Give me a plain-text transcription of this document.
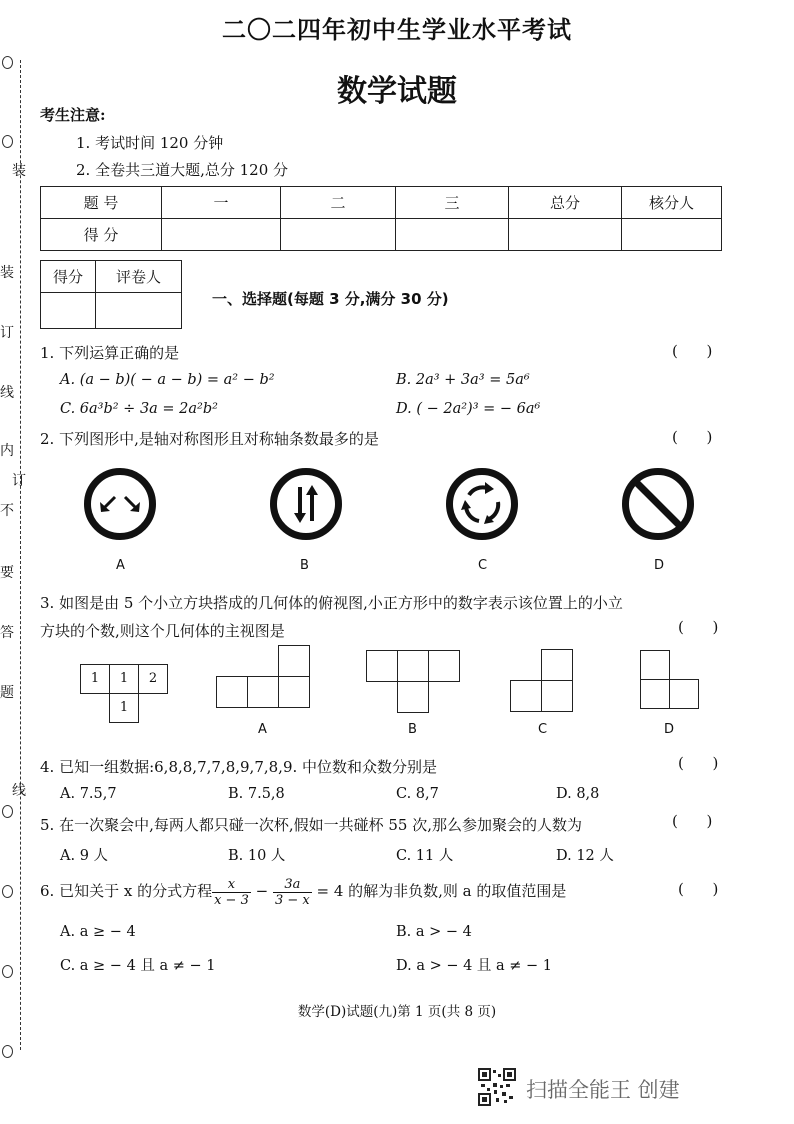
装
订
线
装
订
线
内
不
要
答
题
二〇二四年初中生学业水平考试
数学试题
考生注意:
1. 考试时间 120 分钟
2. 全卷共三道大题,总分 120 分
题 号	一	二	三	总分	核分人
得 分					
得分	评卷人

一、选择题(每题 3 分,满分 30 分)
1. 下列运算正确的是	(      )
A. (a − b)( − a − b) = a² − b²	B. 2a³ + 3a³ = 5a⁶
C. 6a³b² ÷ 3a = 2a²b²	D. ( − 2a²)³ = − 6a⁶
2. 下列图形中,是轴对称图形且对称轴条数最多的是	(      )
A	B	C	D
3. 如图是由 5 个小立方块搭成的几何体的俯视图,小正方形中的数字表示该位置上的小立
方块的个数,则这个几何体的主视图是	(      )
1	1	2
1
A	B	C	D
4. 已知一组数据:6,8,8,7,7,8,9,7,8,9. 中位数和众数分别是	(      )
A. 7.5,7	B. 7.5,8	C. 8,7	D. 8,8
5. 在一次聚会中,每两人都只碰一次杯,假如一共碰杯 55 次,那么参加聚会的人数为	(      )
A. 9 人	B. 10 人	C. 11 人	D. 12 人
6. 已知关于 x 的分式方程 $\frac{x}{x - 3} - \frac{3a}{3 - x} = 4$ 的解为非负数,则 a 的取值范围是	(      )
A. a ≥ − 4	B. a > − 4
C. a ≥ − 4 且 a ≠ − 1	D. a > − 4 且 a ≠ − 1
数学(D)试题(九)第 1 页(共 8 页)
扫描全能王 创建
